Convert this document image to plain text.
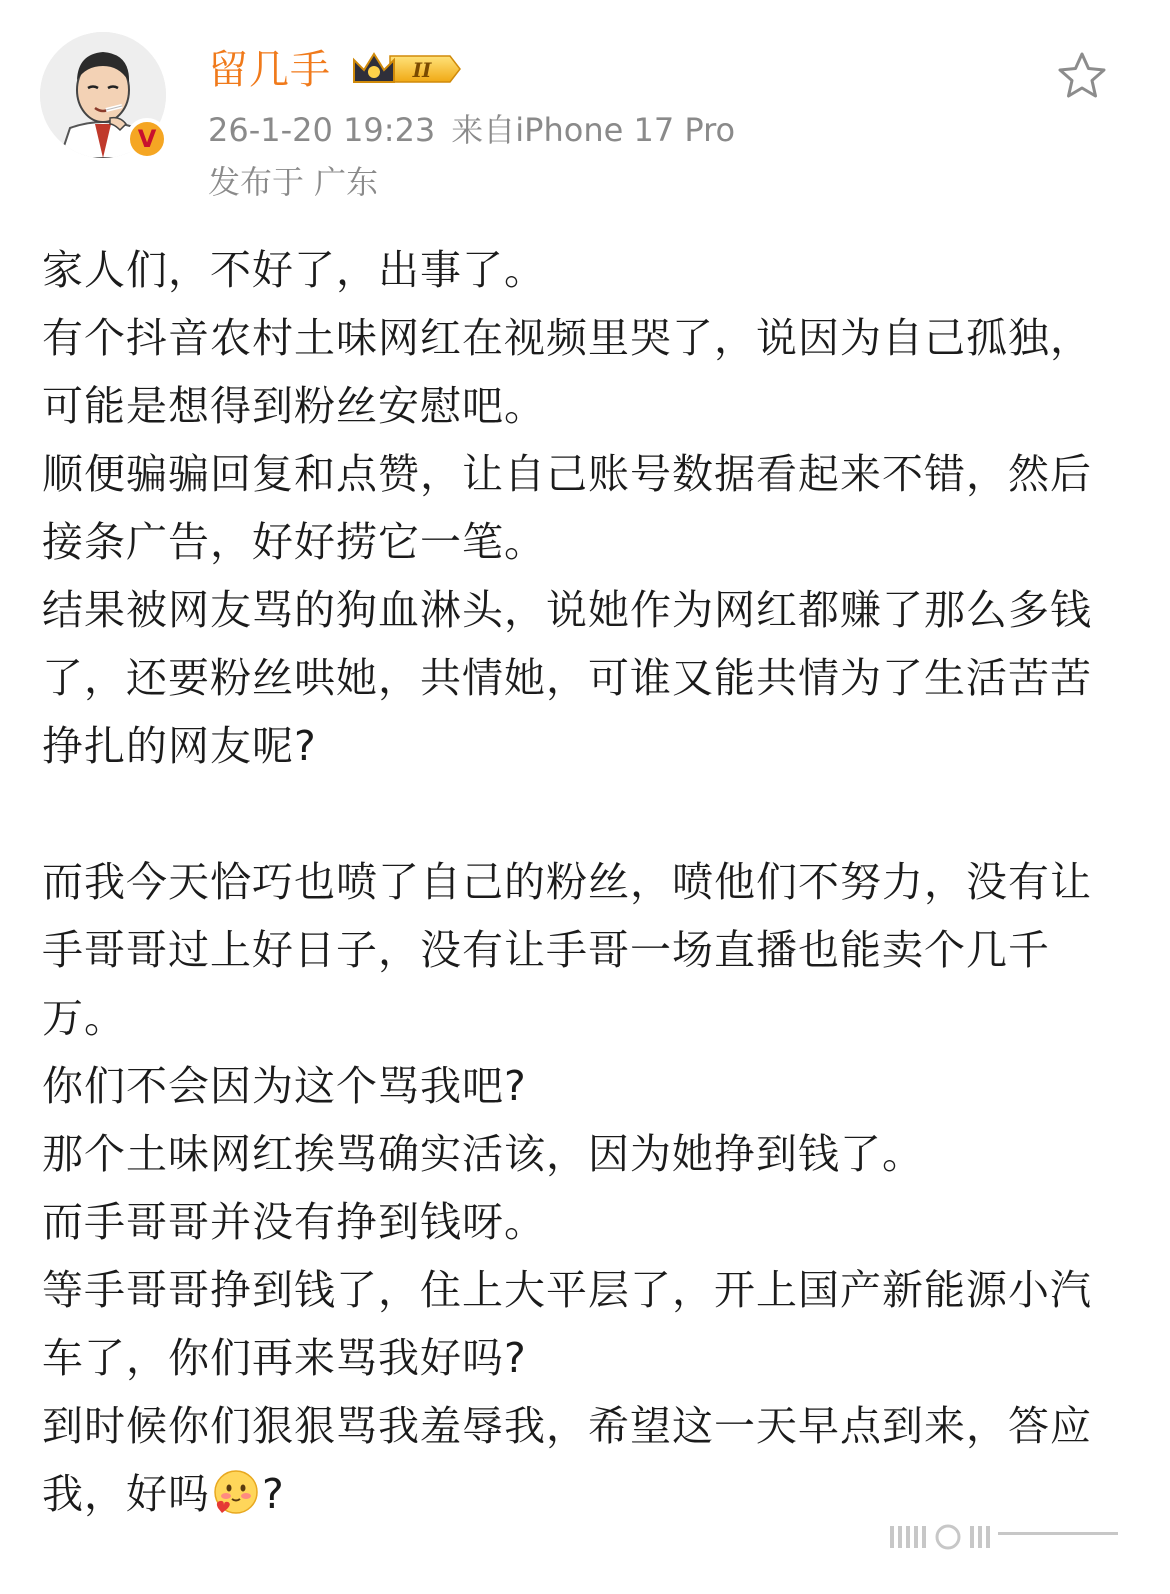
V
留几手	II
26-1-20 19:23 来自iPhone 17 Pro
发布于 广东

家人们，不好了，出事了。

有个抖音农村土味网红在视频里哭了，说因为自己孤独，可能是想得到粉丝安慰吧。

顺便骗骗回复和点赞，让自己账号数据看起来不错，然后接条广告，好好捞它一笔。

结果被网友骂的狗血淋头，说她作为网红都赚了那么多钱了，还要粉丝哄她，共情她，可谁又能共情为了生活苦苦挣扎的网友呢?

而我今天恰巧也喷了自己的粉丝，喷他们不努力，没有让手哥哥过上好日子，没有让手哥一场直播也能卖个几千万。

你们不会因为这个骂我吧?

那个土味网红挨骂确实活该，因为她挣到钱了。

而手哥哥并没有挣到钱呀。

等手哥哥挣到钱了，住上大平层了，开上国产新能源小汽车了，你们再来骂我好吗?

到时候你们狠狠骂我羞辱我，希望这一天早点到来，答应我，好吗 ?
